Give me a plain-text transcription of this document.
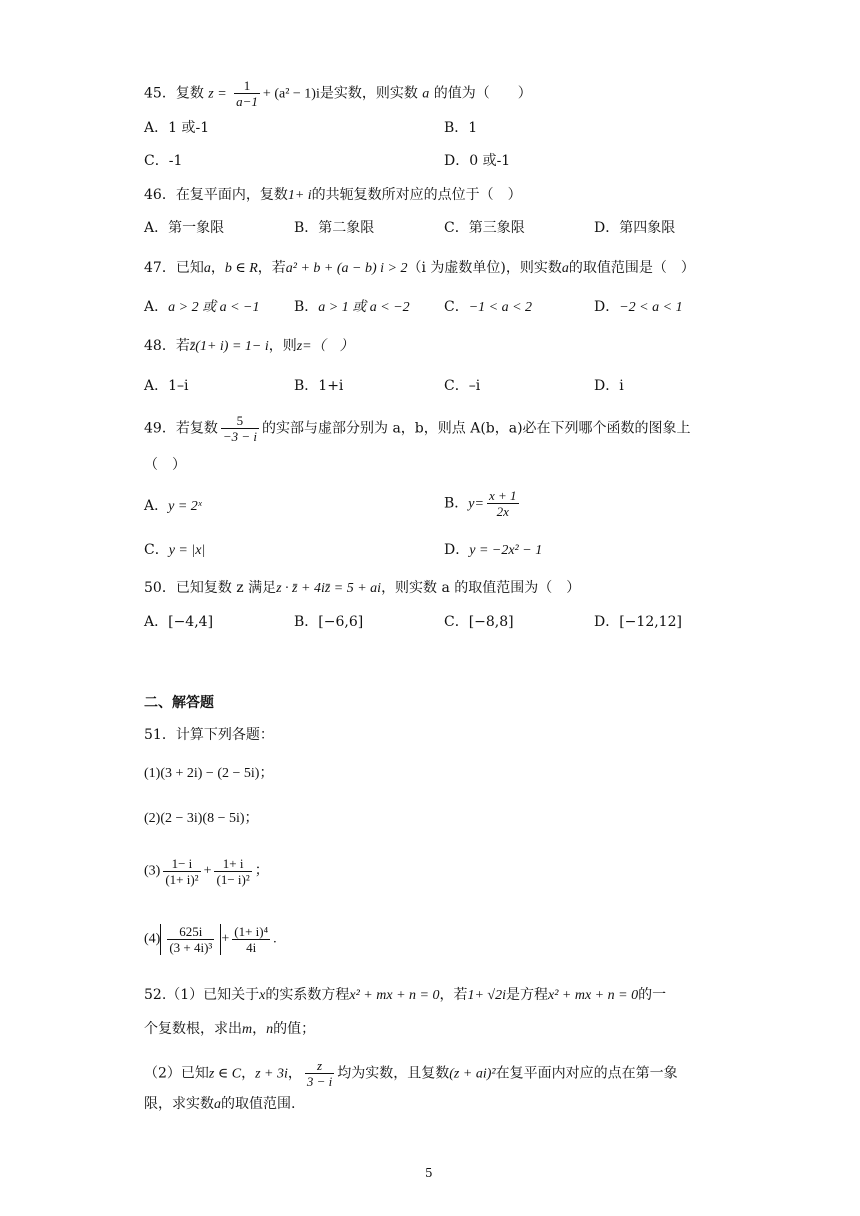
45．复数 $z = \frac{1}{a-1} + (a^2 - 1)i$是实数，则实数 a 的值为（　　）
A．1 或-1	B．1
C．-1	D．0 或-1
46．在复平面内，复数1+ i的共轭复数所对应的点位于（　）
A．第一象限	B．第二象限	C．第三象限	D．第四象限
47．已知a，b ∈ R，若a² + b + (a − b) i > 2（i 为虚数单位)，则实数a的取值范围是（　）
A．a > 2 或 a < −1 B．a > 1 或 a < −2 C．−1 < a < 2	D．−2 < a < 1
48．若z̄(1+ i) = 1− i，则z=（　）
A．1–i	B．1+i	C．–i	D．i
49．若复数 $\frac{5}{-3 - i}$ 的实部与虚部分别为 a，b，则点 A(b，a)必在下列哪个函数的图象上
（　）
A．y = 2ˣ	B．$y= \frac{x + 1}{2x}$
C．y = |x|	D．y = −2x² − 1
50．已知复数 z 满足z · z̄ + 4iz̄ = 5 + ai，则实数 a 的取值范围为（　）
A．[−4,4]	B．[−6,6]	C．[−8,8]	D．[−12,12]
二、解答题
51．计算下列各题：
(1)(3 + 2i) − (2 − 5i)；
(2)(2 − 3i)(8 − 5i)；
$(3) \frac{1- i}{\text{(1+ i)²}} + \frac{1+ i}{\text{(1− i)²}}$ ；
$(4) \frac{625i}{\text{(3 + 4i)³}} + \frac{\text{(1+ i)⁴}}{4i}$ .
52.（1）已知关于x的实系数方程x² + mx + n = 0，若1+ √2i是方程x² + mx + n = 0的一
个复数根，求出m，n的值；
（2）已知z ∈ C，z + 3i， $\frac{z}{3 - i}$ 均为实数，且复数(z + ai)²在复平面内对应的点在第一象
限，求实数a的取值范围.
5
